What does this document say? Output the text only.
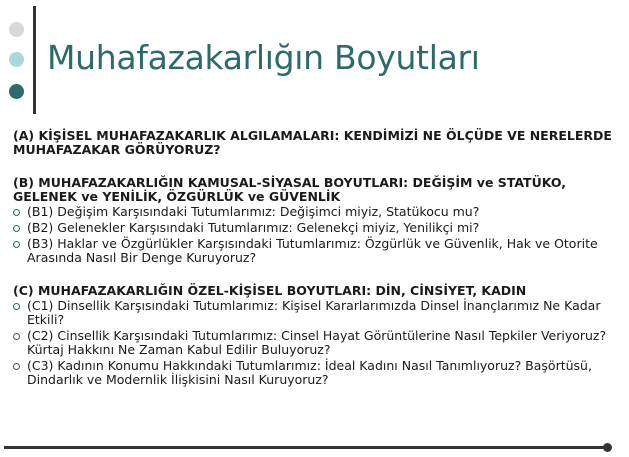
Muhafazakarlığın Boyutları
(A) KİŞİSEL MUHAFAZAKARLIK ALGILAMALARI: KENDİMİZİ NE ÖLÇÜDE VE NERELERDE MUHAFAZAKAR GÖRÜYORUZ?
(B) MUHAFAZAKARLIĞIN KAMUSAL-SİYASAL BOYUTLARI: DEĞİŞİM ve STATÜKO, GELENEK ve YENİLİK, ÖZGÜRLÜK ve GÜVENLİK
(B1) Değişim Karşısındaki Tutumlarımız: Değişimci miyiz, Statükocu mu?
(B2) Gelenekler Karşısındaki Tutumlarımız: Gelenekçi miyiz, Yenilikçi mi?
(B3) Haklar ve Özgürlükler Karşısındaki Tutumlarımız: Özgürlük ve Güvenlik, Hak ve Otorite Arasında Nasıl Bir Denge Kuruyoruz?
(C) MUHAFAZAKARLIĞIN ÖZEL-KİŞİSEL BOYUTLARI: DİN, CİNSİYET, KADIN
(C1) Dinsellik Karşısındaki Tutumlarımız: Kişisel Kararlarımızda Dinsel İnançlarımız Ne Kadar Etkili?
(C2) Cinsellik Karşısındaki Tutumlarımız: Cinsel Hayat Görüntülerine Nasıl Tepkiler Veriyoruz? Kürtaj Hakkını Ne Zaman Kabul Edilir Buluyoruz?
(C3) Kadının Konumu Hakkındaki Tutumlarımız: İdeal Kadını Nasıl Tanımlıyoruz? Başörtüsü, Dindarlık ve Modernlik İlişkisini Nasıl Kuruyoruz?
